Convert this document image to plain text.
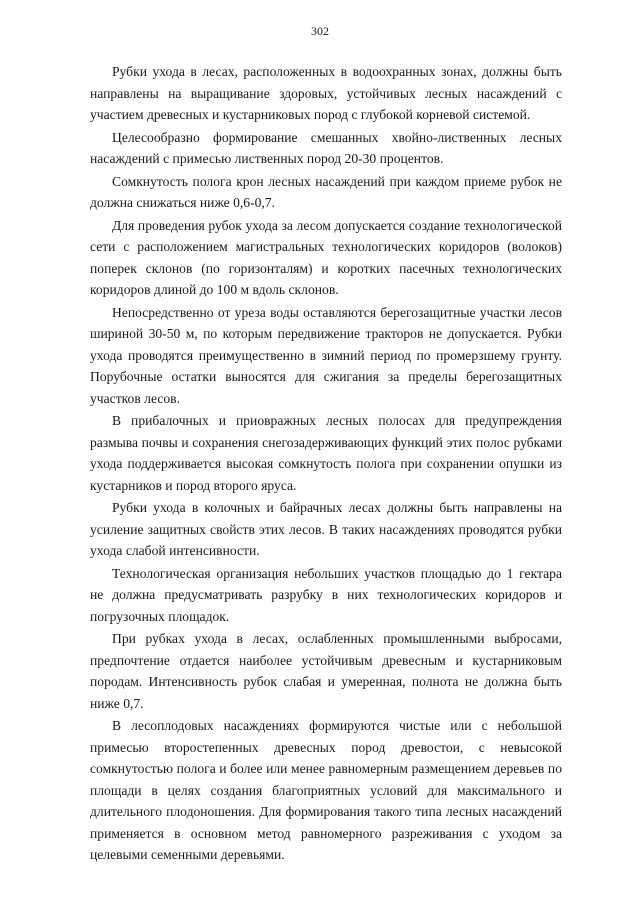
302

Рубки ухода в лесах, расположенных в водоохранных зонах, должны быть направлены на выращивание здоровых, устойчивых лесных насаждений с участием древесных и кустарниковых пород с глубокой корневой системой.

Целесообразно формирование смешанных хвойно-лиственных лесных насаждений с примесью лиственных пород 20-30 процентов.

Сомкнутость полога крон лесных насаждений при каждом приеме рубок не должна снижаться ниже 0,6-0,7.

Для проведения рубок ухода за лесом допускается создание технологической сети с расположением магистральных технологических коридоров (волоков) поперек склонов (по горизонталям) и коротких пасечных технологических коридоров длиной до 100 м вдоль склонов.

Непосредственно от уреза воды оставляются берегозащитные участки лесов шириной 30-50 м, по которым передвижение тракторов не допускается. Рубки ухода проводятся преимущественно в зимний период по промерзшему грунту. Порубочные остатки выносятся для сжигания за пределы берегозащитных участков лесов.

В прибалочных и приовражных лесных полосах для предупреждения размыва почвы и сохранения снегозадерживающих функций этих полос рубками ухода поддерживается высокая сомкнутость полога при сохранении опушки из кустарников и пород второго яруса.

Рубки ухода в колочных и байрачных лесах должны быть направлены на усиление защитных свойств этих лесов. В таких насаждениях проводятся рубки ухода слабой интенсивности.

Технологическая организация небольших участков площадью до 1 гектара не должна предусматривать разрубку в них технологических коридоров и погрузочных площадок.

При рубках ухода в лесах, ослабленных промышленными выбросами, предпочтение отдается наиболее устойчивым древесным и кустарниковым породам. Интенсивность рубок слабая и умеренная, полнота не должна быть ниже 0,7.

В лесоплодовых насаждениях формируются чистые или с небольшой примесью второстепенных древесных пород древостои, с невысокой сомкнутостью полога и более или менее равномерным размещением деревьев по площади в целях создания благоприятных условий для максимального и длительного плодоношения. Для формирования такого типа лесных насаждений применяется в основном метод равномерного разреживания с уходом за целевыми семенными деревьями.
